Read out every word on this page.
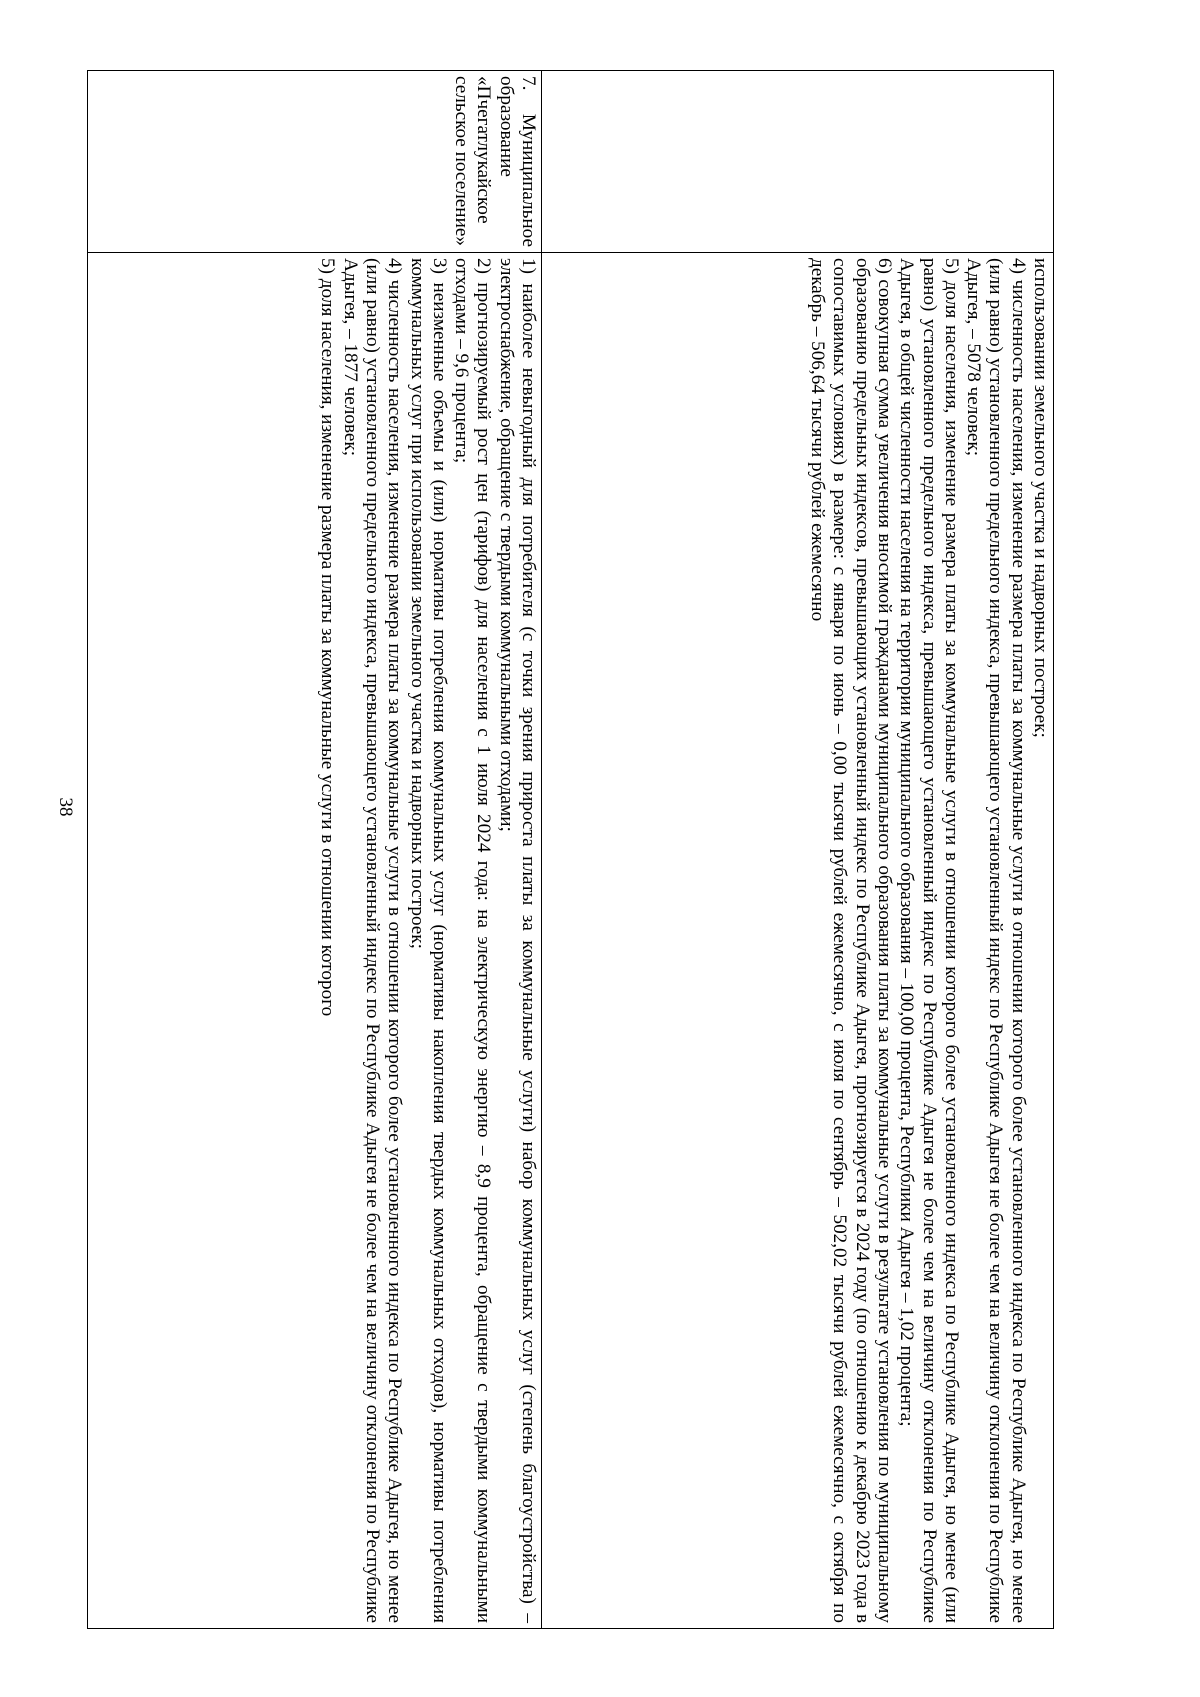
38

	использовании земельного участка и надворных построек;
4) численность населения, изменение размера платы за коммунальные услуги в отношении которого более установленного индекса по Республике Адыгея, но менее (или равно) установленного предельного индекса, превышающего установленный индекс по Республике Адыгея не более чем на величину отклонения по Республике Адыгея, – 5078 человек;
5) доля населения, изменение размера платы за коммунальные услуги в отношении которого более установленного индекса по Республике Адыгея, но менее (или равно) установленного предельного индекса, превышающего установленный индекс по Республике Адыгея не более чем на величину отклонения по Республике Адыгея, в общей численности населения на территории муниципального образования – 100,00 процента, Республики Адыгея – 1,02 процента;
6) совокупная сумма увеличения вносимой гражданами муниципального образования платы за коммунальные услуги в результате установления по муниципальному образованию предельных индексов, превышающих установленный индекс по Республике Адыгея, прогнозируется в 2024 году (по отношению к декабрю 2023 года в сопоставимых условиях) в размере: с января по июнь – 0,00 тысячи рублей ежемесячно, с июля по сентябрь – 502,02 тысячи рублей ежемесячно, с октября по декабрь – 506,64 тысячи рублей ежемесячно

7. Муниципальное образование «Пчегатлукайское сельское поселение»	1) наиболее невыгодный для потребителя (с точки зрения прироста платы за коммунальные услуги) набор коммунальных услуг (степень благоустройства) – электроснабжение, обращение с твердыми коммунальными отходами;
2) прогнозируемый рост цен (тарифов) для населения с 1 июля 2024 года: на электрическую энергию – 8,9 процента, обращение с твердыми коммунальными отходами – 9,6 процента;
3) неизменные объемы и (или) нормативы потребления коммунальных услуг (нормативы накопления твердых коммунальных отходов), нормативы потребления коммунальных услуг при использовании земельного участка и надворных построек;
4) численность населения, изменение размера платы за коммунальные услуги в отношении которого более установленного индекса по Республике Адыгея, но менее (или равно) установленного предельного индекса, превышающего установленный индекс по Республике Адыгея не более чем на величину отклонения по Республике Адыгея, – 1877 человек;
5) доля населения, изменение размера платы за коммунальные услуги в отношении которого
